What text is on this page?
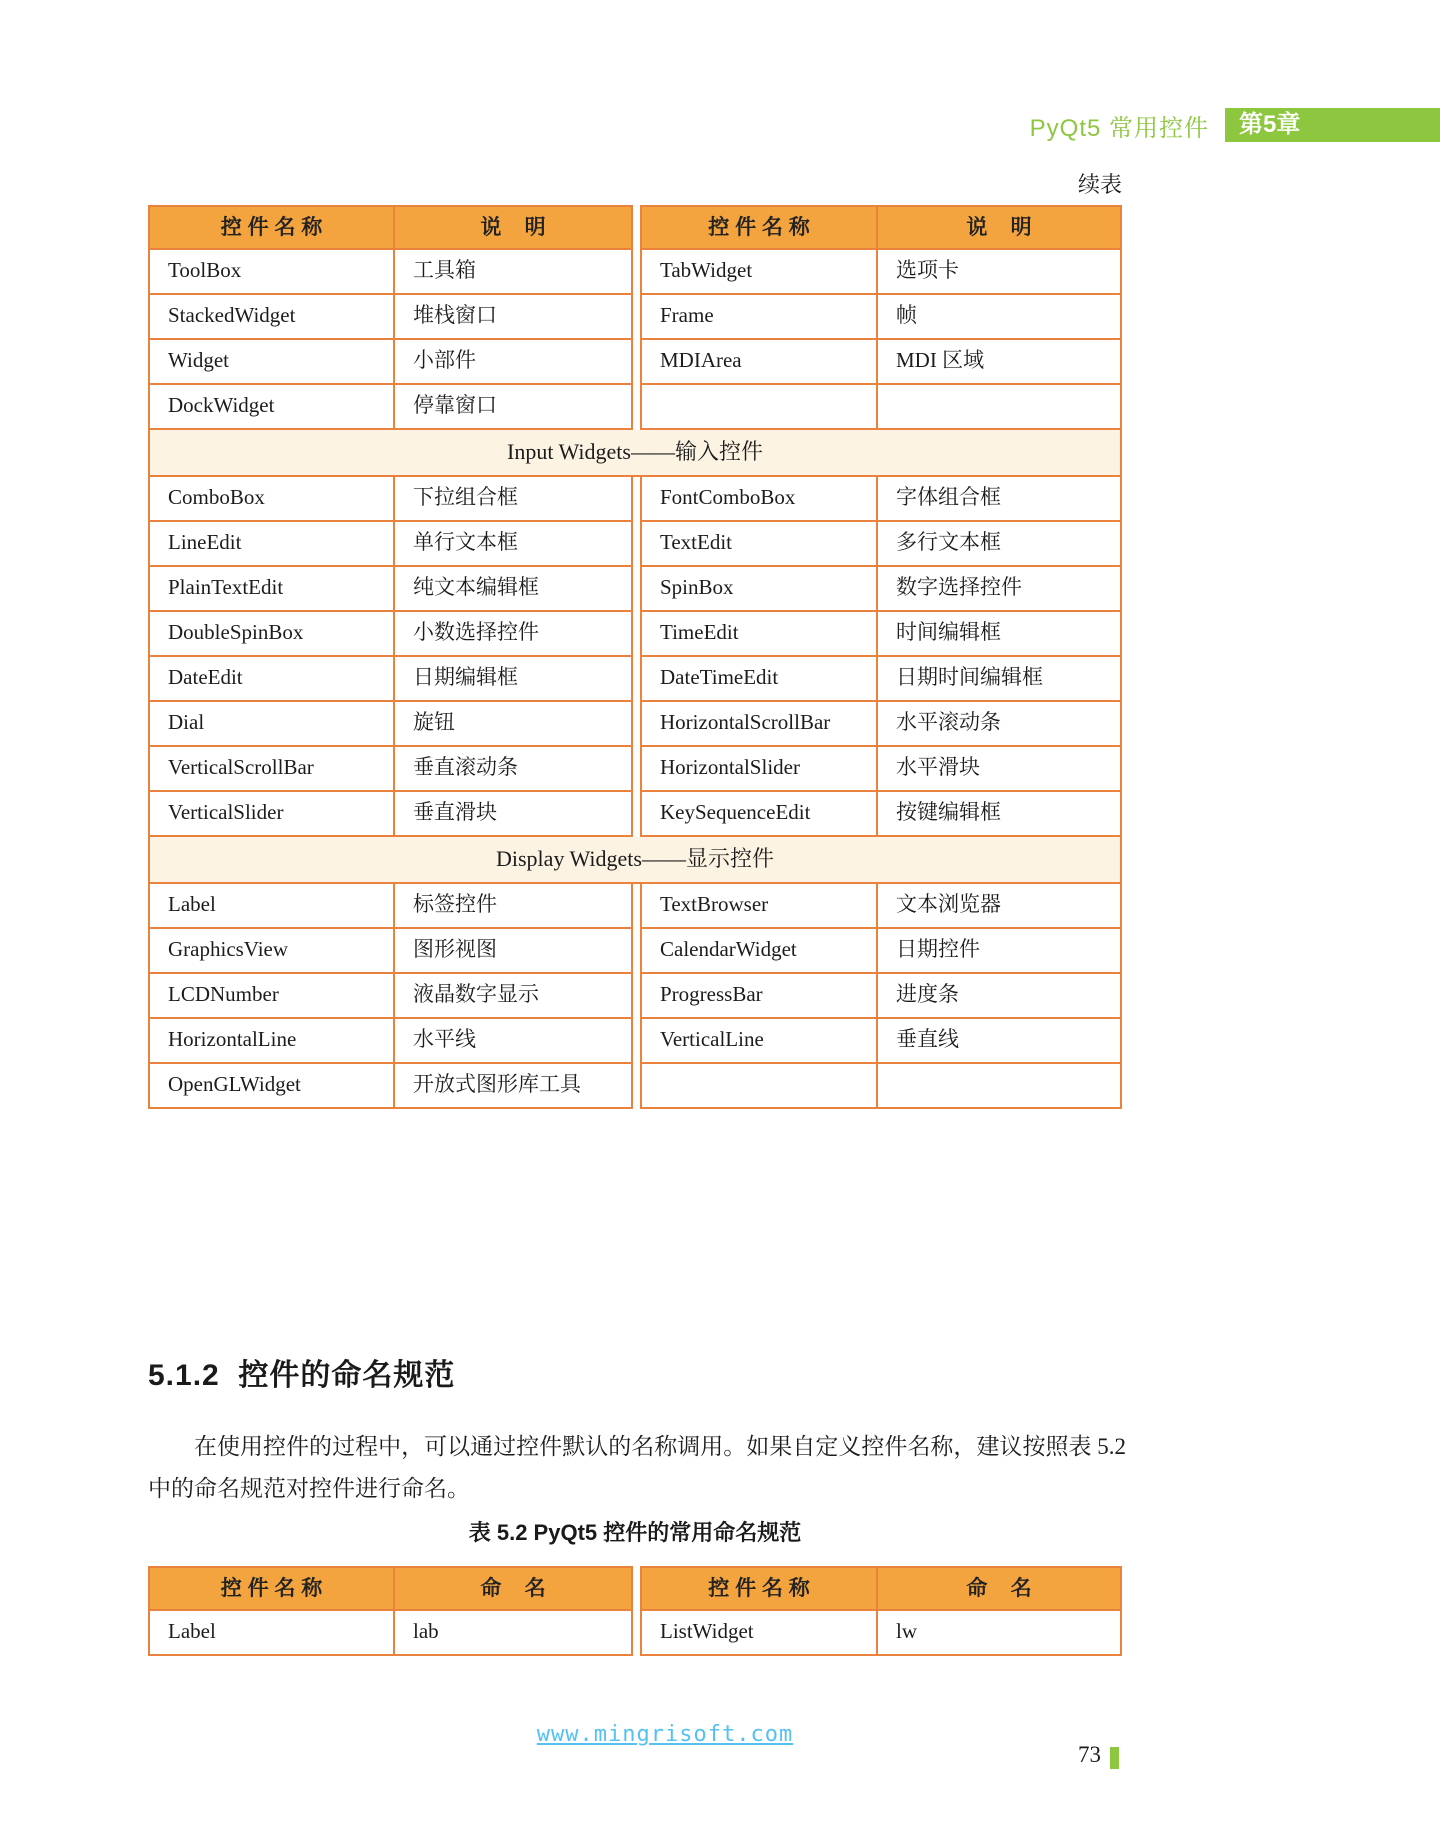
PyQt5 常用控件	第5章
续表
控 件 名 称	说    明	控 件 名 称	说    明
ToolBox	工具箱	TabWidget	选项卡
StackedWidget	堆栈窗口	Frame	帧
Widget	小部件	MDIArea	MDI 区域
DockWidget	停靠窗口
Input Widgets——输入控件
ComboBox	下拉组合框	FontComboBox	字体组合框
LineEdit	单行文本框	TextEdit	多行文本框
PlainTextEdit	纯文本编辑框	SpinBox	数字选择控件
DoubleSpinBox	小数选择控件	TimeEdit	时间编辑框
DateEdit	日期编辑框	DateTimeEdit	日期时间编辑框
Dial	旋钮	HorizontalScrollBar	水平滚动条
VerticalScrollBar	垂直滚动条	HorizontalSlider	水平滑块
VerticalSlider	垂直滑块	KeySequenceEdit	按键编辑框
Display Widgets——显示控件
Label	标签控件	TextBrowser	文本浏览器
GraphicsView	图形视图	CalendarWidget	日期控件
LCDNumber	液晶数字显示	ProgressBar	进度条
HorizontalLine	水平线	VerticalLine	垂直线
OpenGLWidget	开放式图形库工具
5.1.2  控件的命名规范

在使用控件的过程中，可以通过控件默认的名称调用。如果自定义控件名称，建议按照表 5.2 中的命名规范对控件进行命名。

表 5.2 PyQt5 控件的常用命名规范
控 件 名 称	命    名	控 件 名 称	命    名
Label	lab	ListWidget	lw
www.mingrisoft.com
73
